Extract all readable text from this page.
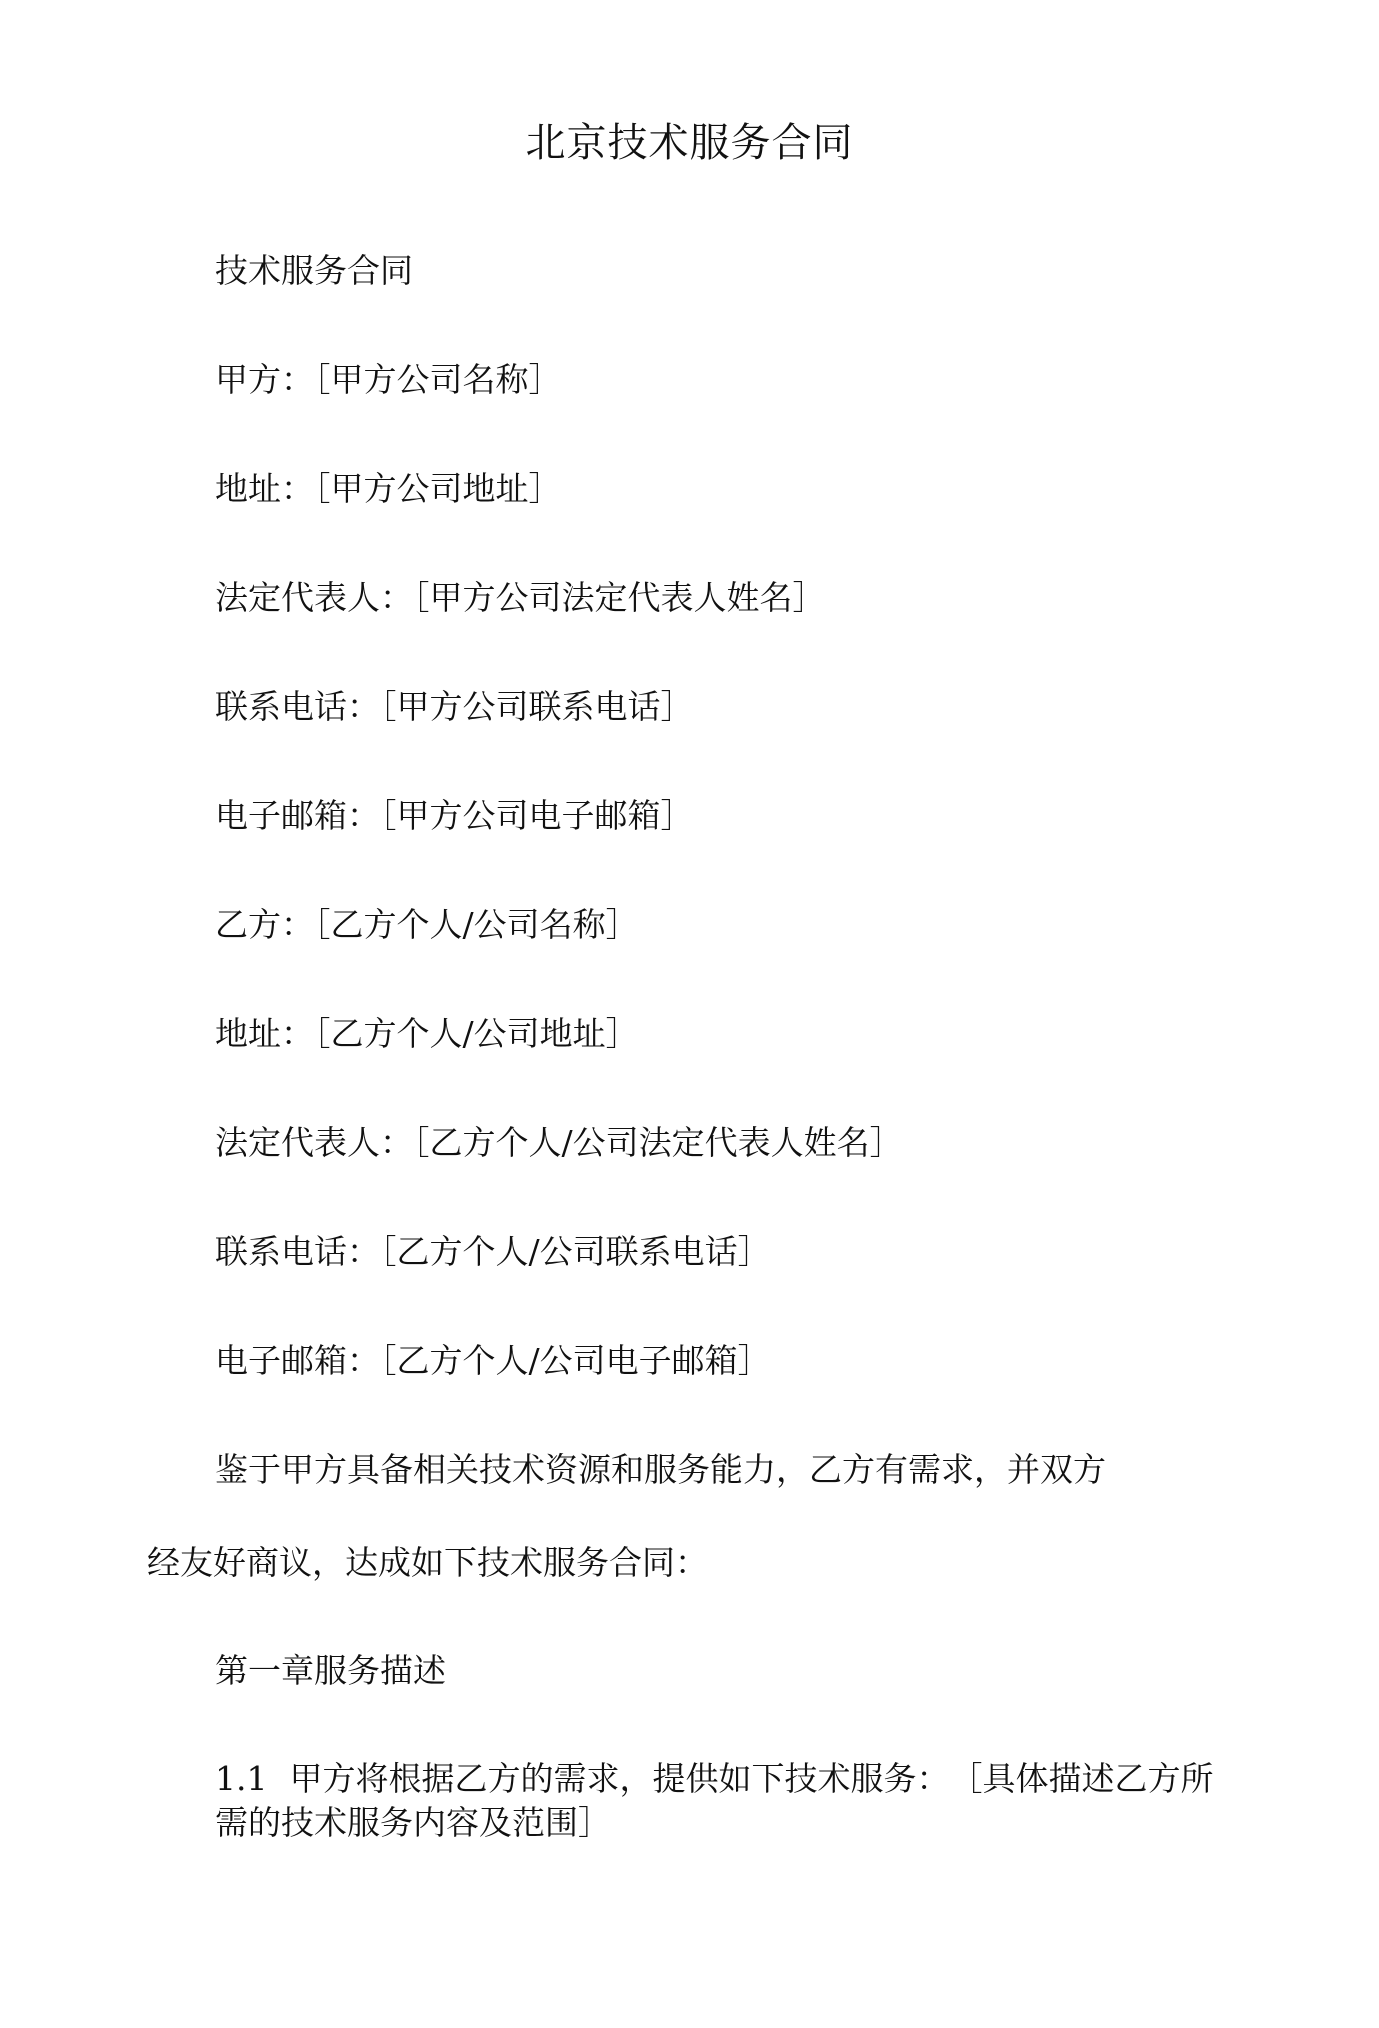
北京技术服务合同
技术服务合同
甲方：［甲方公司名称］
地址：［甲方公司地址］
法定代表人：［甲方公司法定代表人姓名］
联系电话：［甲方公司联系电话］
电子邮箱：［甲方公司电子邮箱］
乙方：［乙方个人/公司名称］
地址：［乙方个人/公司地址］
法定代表人：［乙方个人/公司法定代表人姓名］
联系电话：［乙方个人/公司联系电话］
电子邮箱：［乙方个人/公司电子邮箱］
鉴于甲方具备相关技术资源和服务能力，乙方有需求，并双方
经友好商议，达成如下技术服务合同：
第一章服务描述
1.1 甲方将根据乙方的需求，提供如下技术服务：　［具体描述乙方所需的技术服务内容及范围］
